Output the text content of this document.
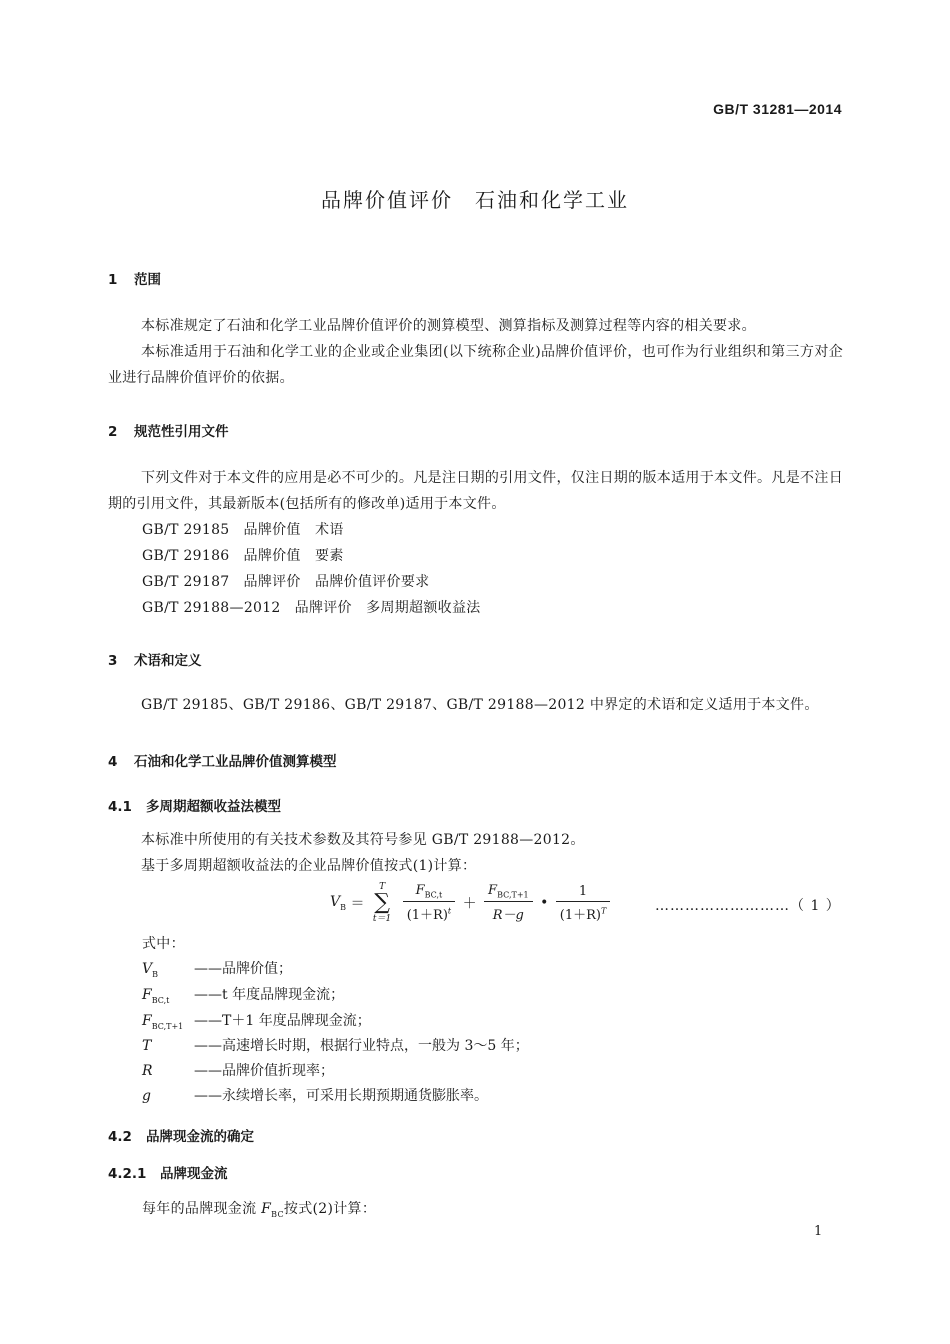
GB/T 31281—2014
品牌价值评价　石油和化学工业
1 范围
本标准规定了石油和化学工业品牌价值评价的测算模型、测算指标及测算过程等内容的相关要求。
本标准适用于石油和化学工业的企业或企业集团(以下统称企业)品牌价值评价，也可作为行业组织和第三方对企业进行品牌价值评价的依据。
2 规范性引用文件
下列文件对于本文件的应用是必不可少的。凡是注日期的引用文件，仅注日期的版本适用于本文件。凡是不注日期的引用文件，其最新版本(包括所有的修改单)适用于本文件。
GB/T 29185 品牌价值　术语
GB/T 29186 品牌价值　要素
GB/T 29187 品牌评价　品牌价值评价要求
GB/T 29188—2012 品牌评价　多周期超额收益法
3 术语和定义
GB/T 29185、GB/T 29186、GB/T 29187、GB/T 29188—2012 中界定的术语和定义适用于本文件。
4 石油和化学工业品牌价值测算模型
4.1 多周期超额收益法模型
本标准中所使用的有关技术参数及其符号参见 GB/T 29188—2012。
基于多周期超额收益法的企业品牌价值按式(1)计算：
$V_B$ ＝
T
∑
t＝1
$\frac{F_{BC,t}}{(1+R)^t} + \frac{F_{BC,T+1}}{R-g}$ • $\frac{1}{(1+R)^T}$	………………………（ 1 ）
式中：
$V_B$	——品牌价值；
$F_{BC,t}$ ——t 年度品牌现金流；
$F_{BC,T+1}$ ——T＋1 年度品牌现金流；
T	——高速增长时期，根据行业特点，一般为 3～5 年；
R	——品牌价值折现率；
g	——永续增长率，可采用长期预期通货膨胀率。
4.2 品牌现金流的确定
4.2.1 品牌现金流
每年的品牌现金流 $F_{BC}$按式(2)计算：
1
